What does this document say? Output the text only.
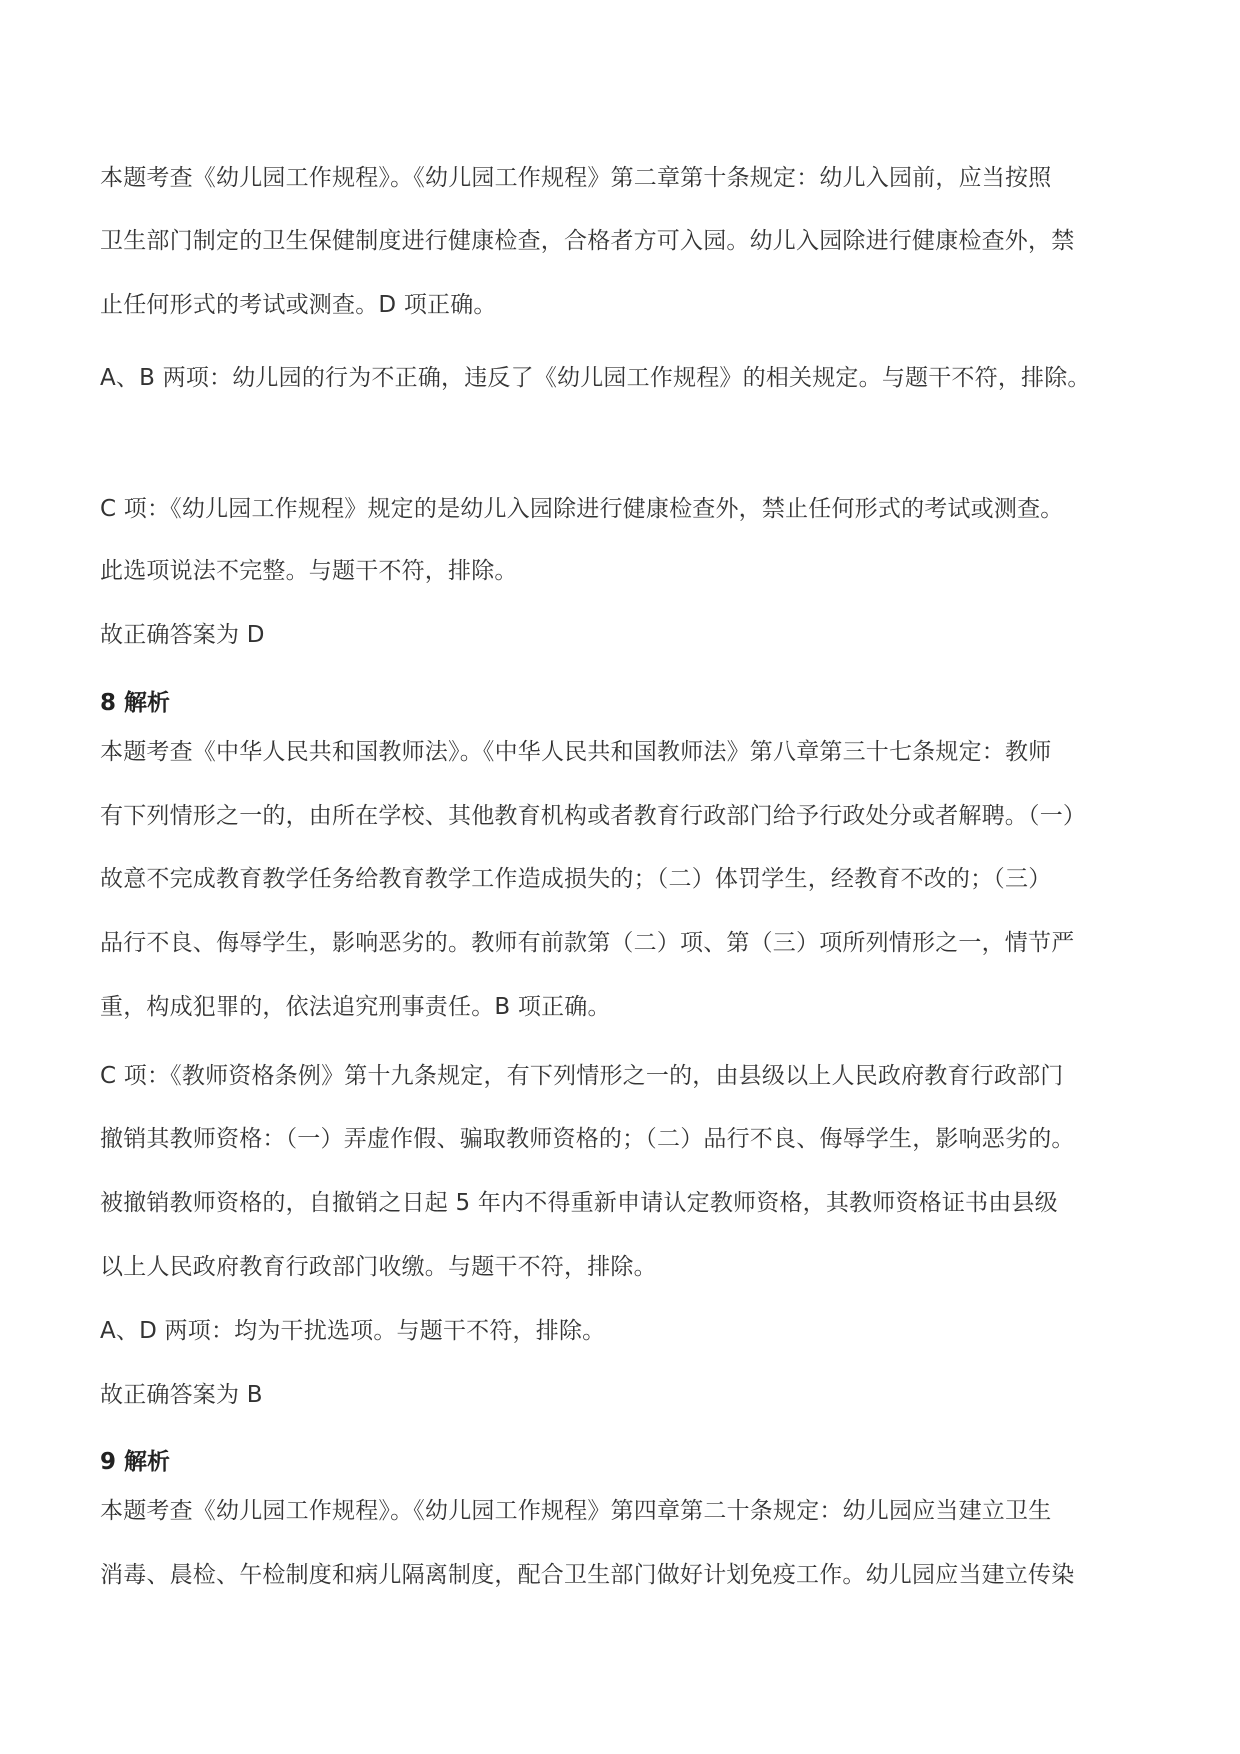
本题考查《幼儿园工作规程》。《幼儿园工作规程》第二章第十条规定：幼儿入园前，应当按照
卫生部门制定的卫生保健制度进行健康检查，合格者方可入园。幼儿入园除进行健康检查外，禁
止任何形式的考试或测查。D 项正确。
A、B 两项：幼儿园的行为不正确，违反了《幼儿园工作规程》的相关规定。与题干不符，排除。
C 项：《幼儿园工作规程》规定的是幼儿入园除进行健康检查外，禁止任何形式的考试或测查。
此选项说法不完整。与题干不符，排除。
故正确答案为 D
8 解析
本题考查《中华人民共和国教师法》。《中华人民共和国教师法》第八章第三十七条规定：教师
有下列情形之一的，由所在学校、其他教育机构或者教育行政部门给予行政处分或者解聘。（一）
故意不完成教育教学任务给教育教学工作造成损失的；（二）体罚学生，经教育不改的；（三）
品行不良、侮辱学生，影响恶劣的。教师有前款第（二）项、第（三）项所列情形之一，情节严
重，构成犯罪的，依法追究刑事责任。B 项正确。
C 项：《教师资格条例》第十九条规定，有下列情形之一的，由县级以上人民政府教育行政部门
撤销其教师资格：（一）弄虚作假、骗取教师资格的；（二）品行不良、侮辱学生，影响恶劣的。
被撤销教师资格的，自撤销之日起 5 年内不得重新申请认定教师资格，其教师资格证书由县级
以上人民政府教育行政部门收缴。与题干不符，排除。
A、D 两项：均为干扰选项。与题干不符，排除。
故正确答案为 B
9 解析
本题考查《幼儿园工作规程》。《幼儿园工作规程》第四章第二十条规定：幼儿园应当建立卫生
消毒、晨检、午检制度和病儿隔离制度，配合卫生部门做好计划免疫工作。幼儿园应当建立传染
